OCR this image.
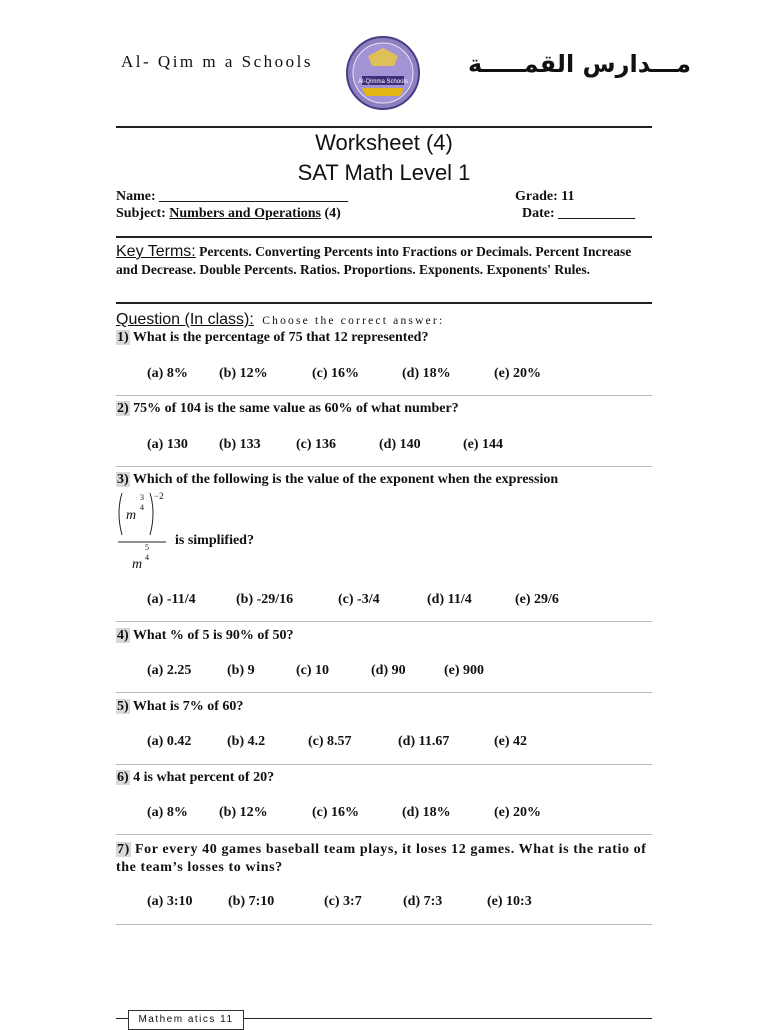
Al- Qim m a Schools
Al-Qimma Schools
مـــدارس القمـــــة
Worksheet (4)
SAT Math Level 1
Name: ___________________________	Grade: 11
Subject: Numbers and Operations (4)	Date: ___________
Key Terms: Percents. Converting Percents into Fractions or Decimals. Percent Increase and Decrease. Double Percents. Ratios. Proportions. Exponents. Exponents' Rules.
Question (In class): Choose the correct answer:
1) What is the percentage of 75 that 12 represented?
(a) 8% (b) 12%	(c) 16%	(d) 18%	(e) 20%
2) 75% of 104 is the same value as 60% of what number?
(a) 130 (b) 133	(c) 136	(d) 140	(e) 144
3) Which of the following is the value of the exponent when the expression
m
3
4
−2
m
5
4
is simplified?
(a) -11/4	(b) -29/16	(c) -3/4	(d) 11/4	(e) 29/6
4) What % of 5 is 90% of 50?
(a) 2.25	(b) 9	(c) 10	(d) 90	(e) 900
5) What is 7% of 60?
(a) 0.42	(b) 4.2	(c) 8.57	(d) 11.67	(e) 42
6) 4 is what percent of 20?
(a) 8% (b) 12%	(c) 16%	(d) 18%	(e) 20%
7) For every 40 games baseball team plays, it loses 12 games. What is the ratio of the team’s losses to wins?
(a) 3:10	(b) 7:10	(c) 3:7	(d) 7:3	(e) 10:3
Mathem atics 11
